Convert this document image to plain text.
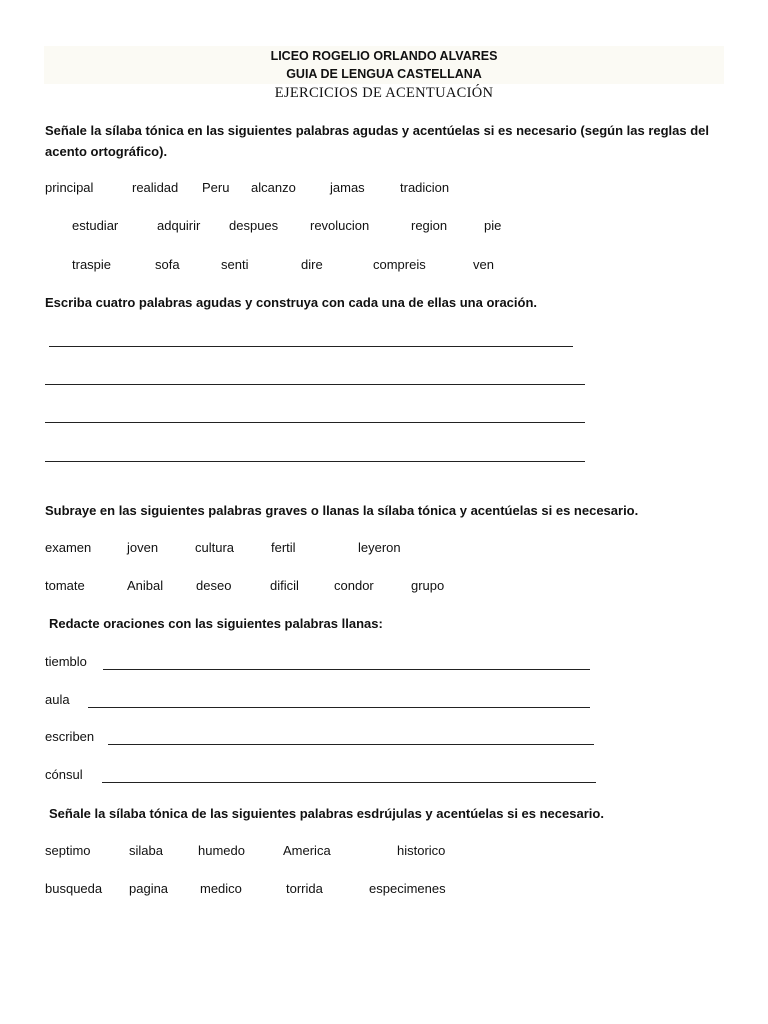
LICEO ROGELIO ORLANDO ALVARES
GUIA DE LENGUA CASTELLANA
EJERCICIOS DE ACENTUACIÓN
Señale la sílaba tónica en las siguientes palabras agudas y acentúelas si es necesario (según las reglas del acento ortográfico).
principal	realidad Peru alcanzo	jamas	tradicion
estudiar	adquirir despues revolucion	region	pie
traspie	sofa	senti	dire	compreis	ven
Escriba cuatro palabras agudas y construya con cada una de ellas una oración.
Subraye en las siguientes palabras graves o llanas la sílaba tónica y acentúelas si es necesario.
examen	joven	cultura	fertil	leyeron
tomate	Anibal	deseo	dificil	condor	grupo
Redacte oraciones con las siguientes palabras llanas:
tiemblo
aula
escriben
cónsul
Señale la sílaba tónica de las siguientes palabras esdrújulas y acentúelas si es necesario.
septimo	silaba	humedo	America	historico
busqueda pagina medico	torrida	especimenes
